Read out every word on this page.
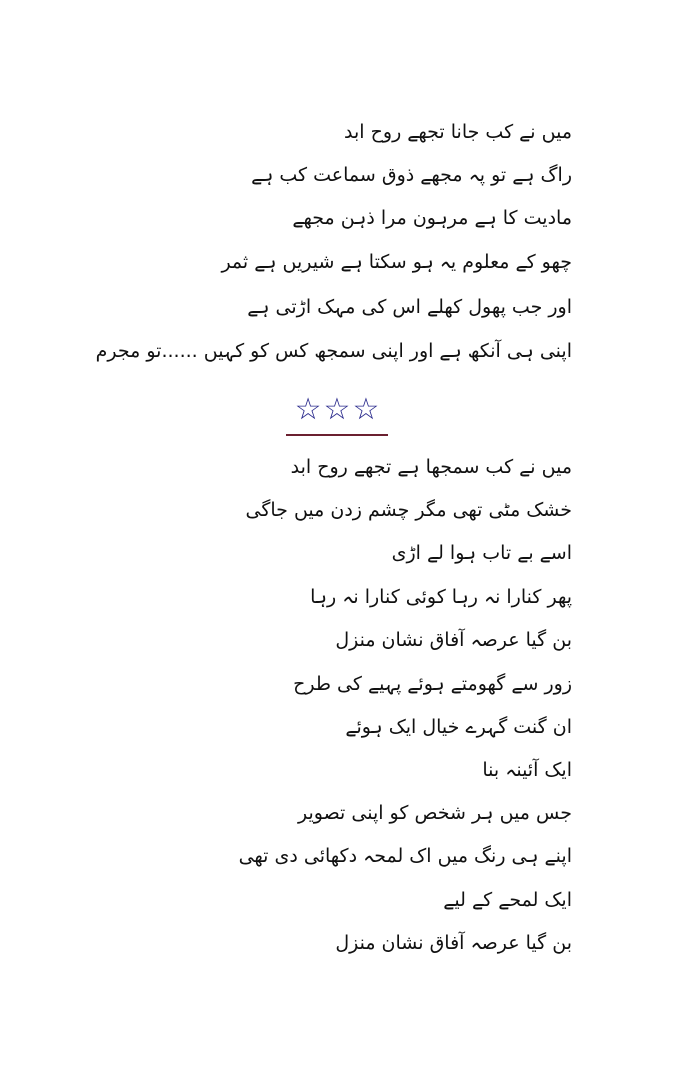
میں نے کب جانا تجھے روح ابد
راگ ہے تو پہ مجھے ذوق سماعت کب ہے
مادیت کا ہے مرہون مرا ذہن مجھے
چھو کے معلوم یہ ہو سکتا ہے شیریں ہے ثمر
اور جب پھول کھلے اس کی مہک اڑتی ہے
اپنی ہی آنکھ ہے اور اپنی سمجھ کس کو کہیں ......تو مجرم
☆☆☆
میں نے کب سمجھا ہے تجھے روح ابد
خشک مٹی تھی مگر چشم زدن میں جاگی
اسے بے تاب ہوا لے اڑی
پھر کنارا نہ رہا کوئی کنارا نہ رہا
بن گیا عرصہ آفاق نشان منزل
زور سے گھومتے ہوئے پہیے کی طرح
ان گنت گہرے خیال ایک ہوئے
ایک آئینہ بنا
جس میں ہر شخص کو اپنی تصویر
اپنے ہی رنگ میں اک لمحہ دکھائی دی تھی
ایک لمحے کے لیے
بن گیا عرصہ آفاق نشان منزل
